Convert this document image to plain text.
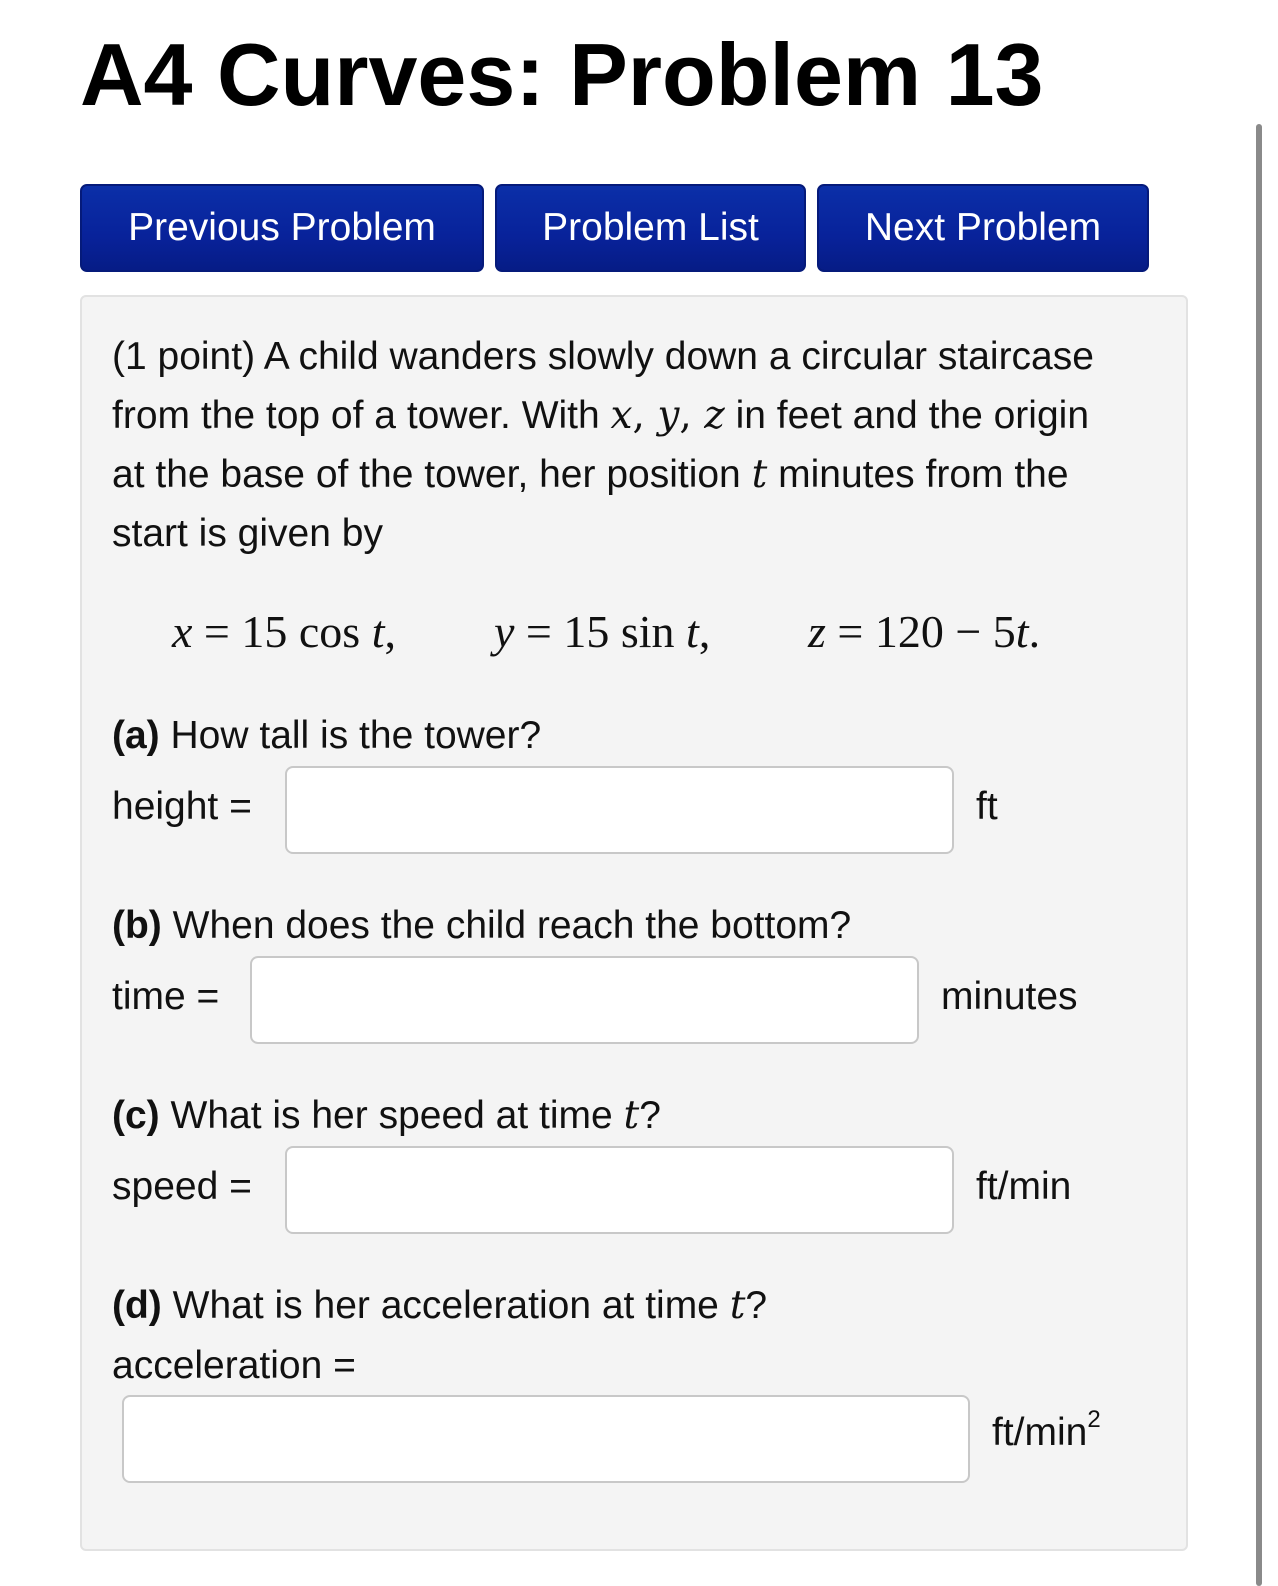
A4 Curves: Problem 13
Previous Problem	Problem List	Next Problem

(1 point) A child wanders slowly down a circular staircase from the top of a tower. With x, y, z in feet and the origin at the base of the tower, her position t minutes from the start is given by

x = 15 cos t, y = 15 sin t, z = 120 − 5t.
(a) How tall is the tower?
height =	ft
(b) When does the child reach the bottom?
time =	minutes
(c) What is her speed at time t?
speed =	ft/min
(d) What is her acceleration at time t?
acceleration =
$ft/\min^2$
